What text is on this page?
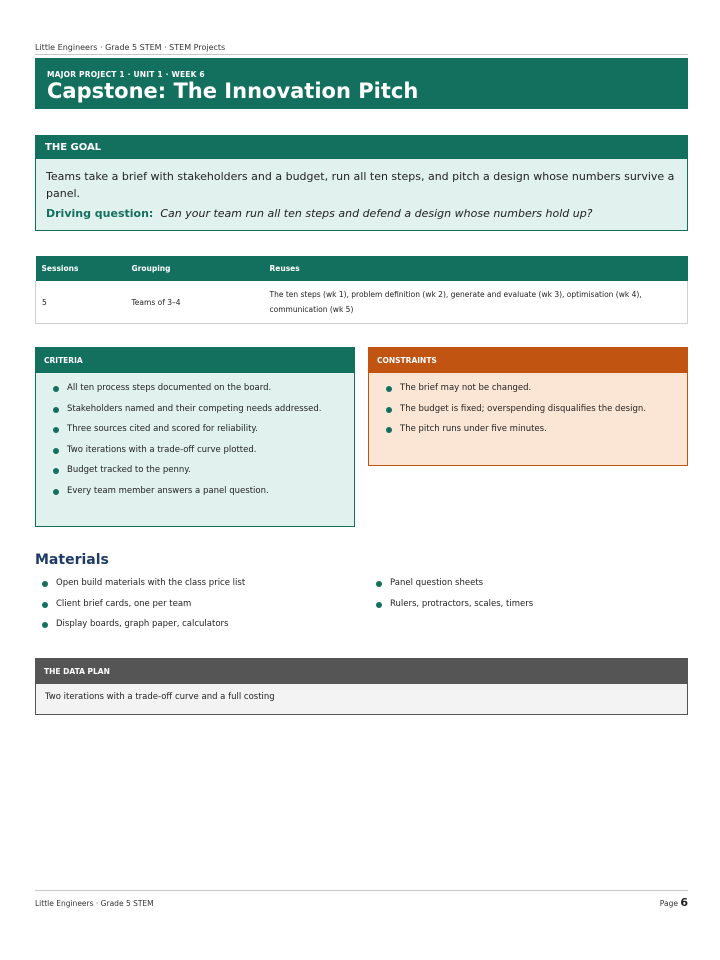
Little Engineers · Grade 5 STEM · STEM Projects
MAJOR PROJECT 1 · UNIT 1 · WEEK 6
Capstone: The Innovation Pitch
THE GOAL
Teams take a brief with stakeholders and a budget, run all ten steps, and pitch a design whose numbers survive a panel.
Driving question: Can your team run all ten steps and defend a design whose numbers hold up?
Sessions	Grouping	Reuses
5	Teams of 3–4	The ten steps (wk 1), problem definition (wk 2), generate and evaluate (wk 3), optimisation (wk 4), communication (wk 5)
CRITERIA
All ten process steps documented on the board.
Stakeholders named and their competing needs addressed.
Three sources cited and scored for reliability.
Two iterations with a trade-off curve plotted.
Budget tracked to the penny.
Every team member answers a panel question.
CONSTRAINTS
The brief may not be changed.
The budget is fixed; overspending disqualifies the design.
The pitch runs under five minutes.
Materials
Open build materials with the class price list
Client brief cards, one per team
Display boards, graph paper, calculators
Panel question sheets
Rulers, protractors, scales, timers
THE DATA PLAN
Two iterations with a trade-off curve and a full costing
Little Engineers · Grade 5 STEM	Page 6
